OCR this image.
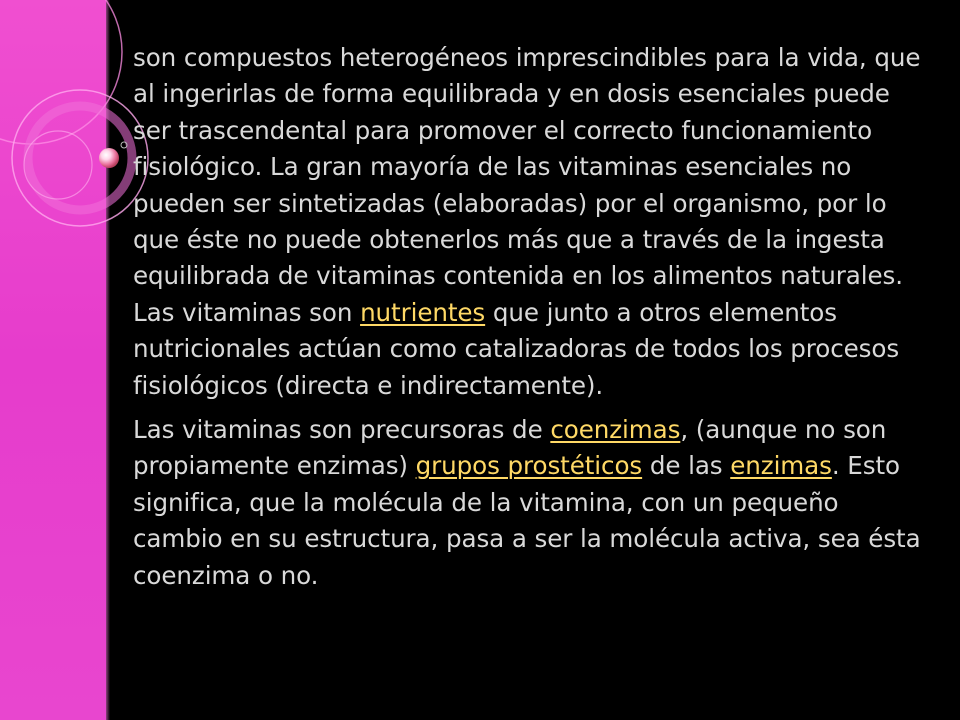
son compuestos heterogéneos imprescindibles para la vida, que al ingerirlas de forma equilibrada y en dosis esenciales puede ser trascendental para promover el correcto funcionamiento fisiológico. La gran mayoría de las vitaminas esenciales no pueden ser sintetizadas (elaboradas) por el organismo, por lo que éste no puede obtenerlos más que a través de la ingesta equilibrada de vitaminas contenida en los alimentos naturales. Las vitaminas son nutrientes que junto a otros elementos nutricionales actúan como catalizadoras de todos los procesos fisiológicos (directa e indirectamente).

Las vitaminas son precursoras de coenzimas, (aunque no son propiamente enzimas) grupos prostéticos de las enzimas. Esto significa, que la molécula de la vitamina, con un pequeño cambio en su estructura, pasa a ser la molécula activa, sea ésta coenzima o no.
